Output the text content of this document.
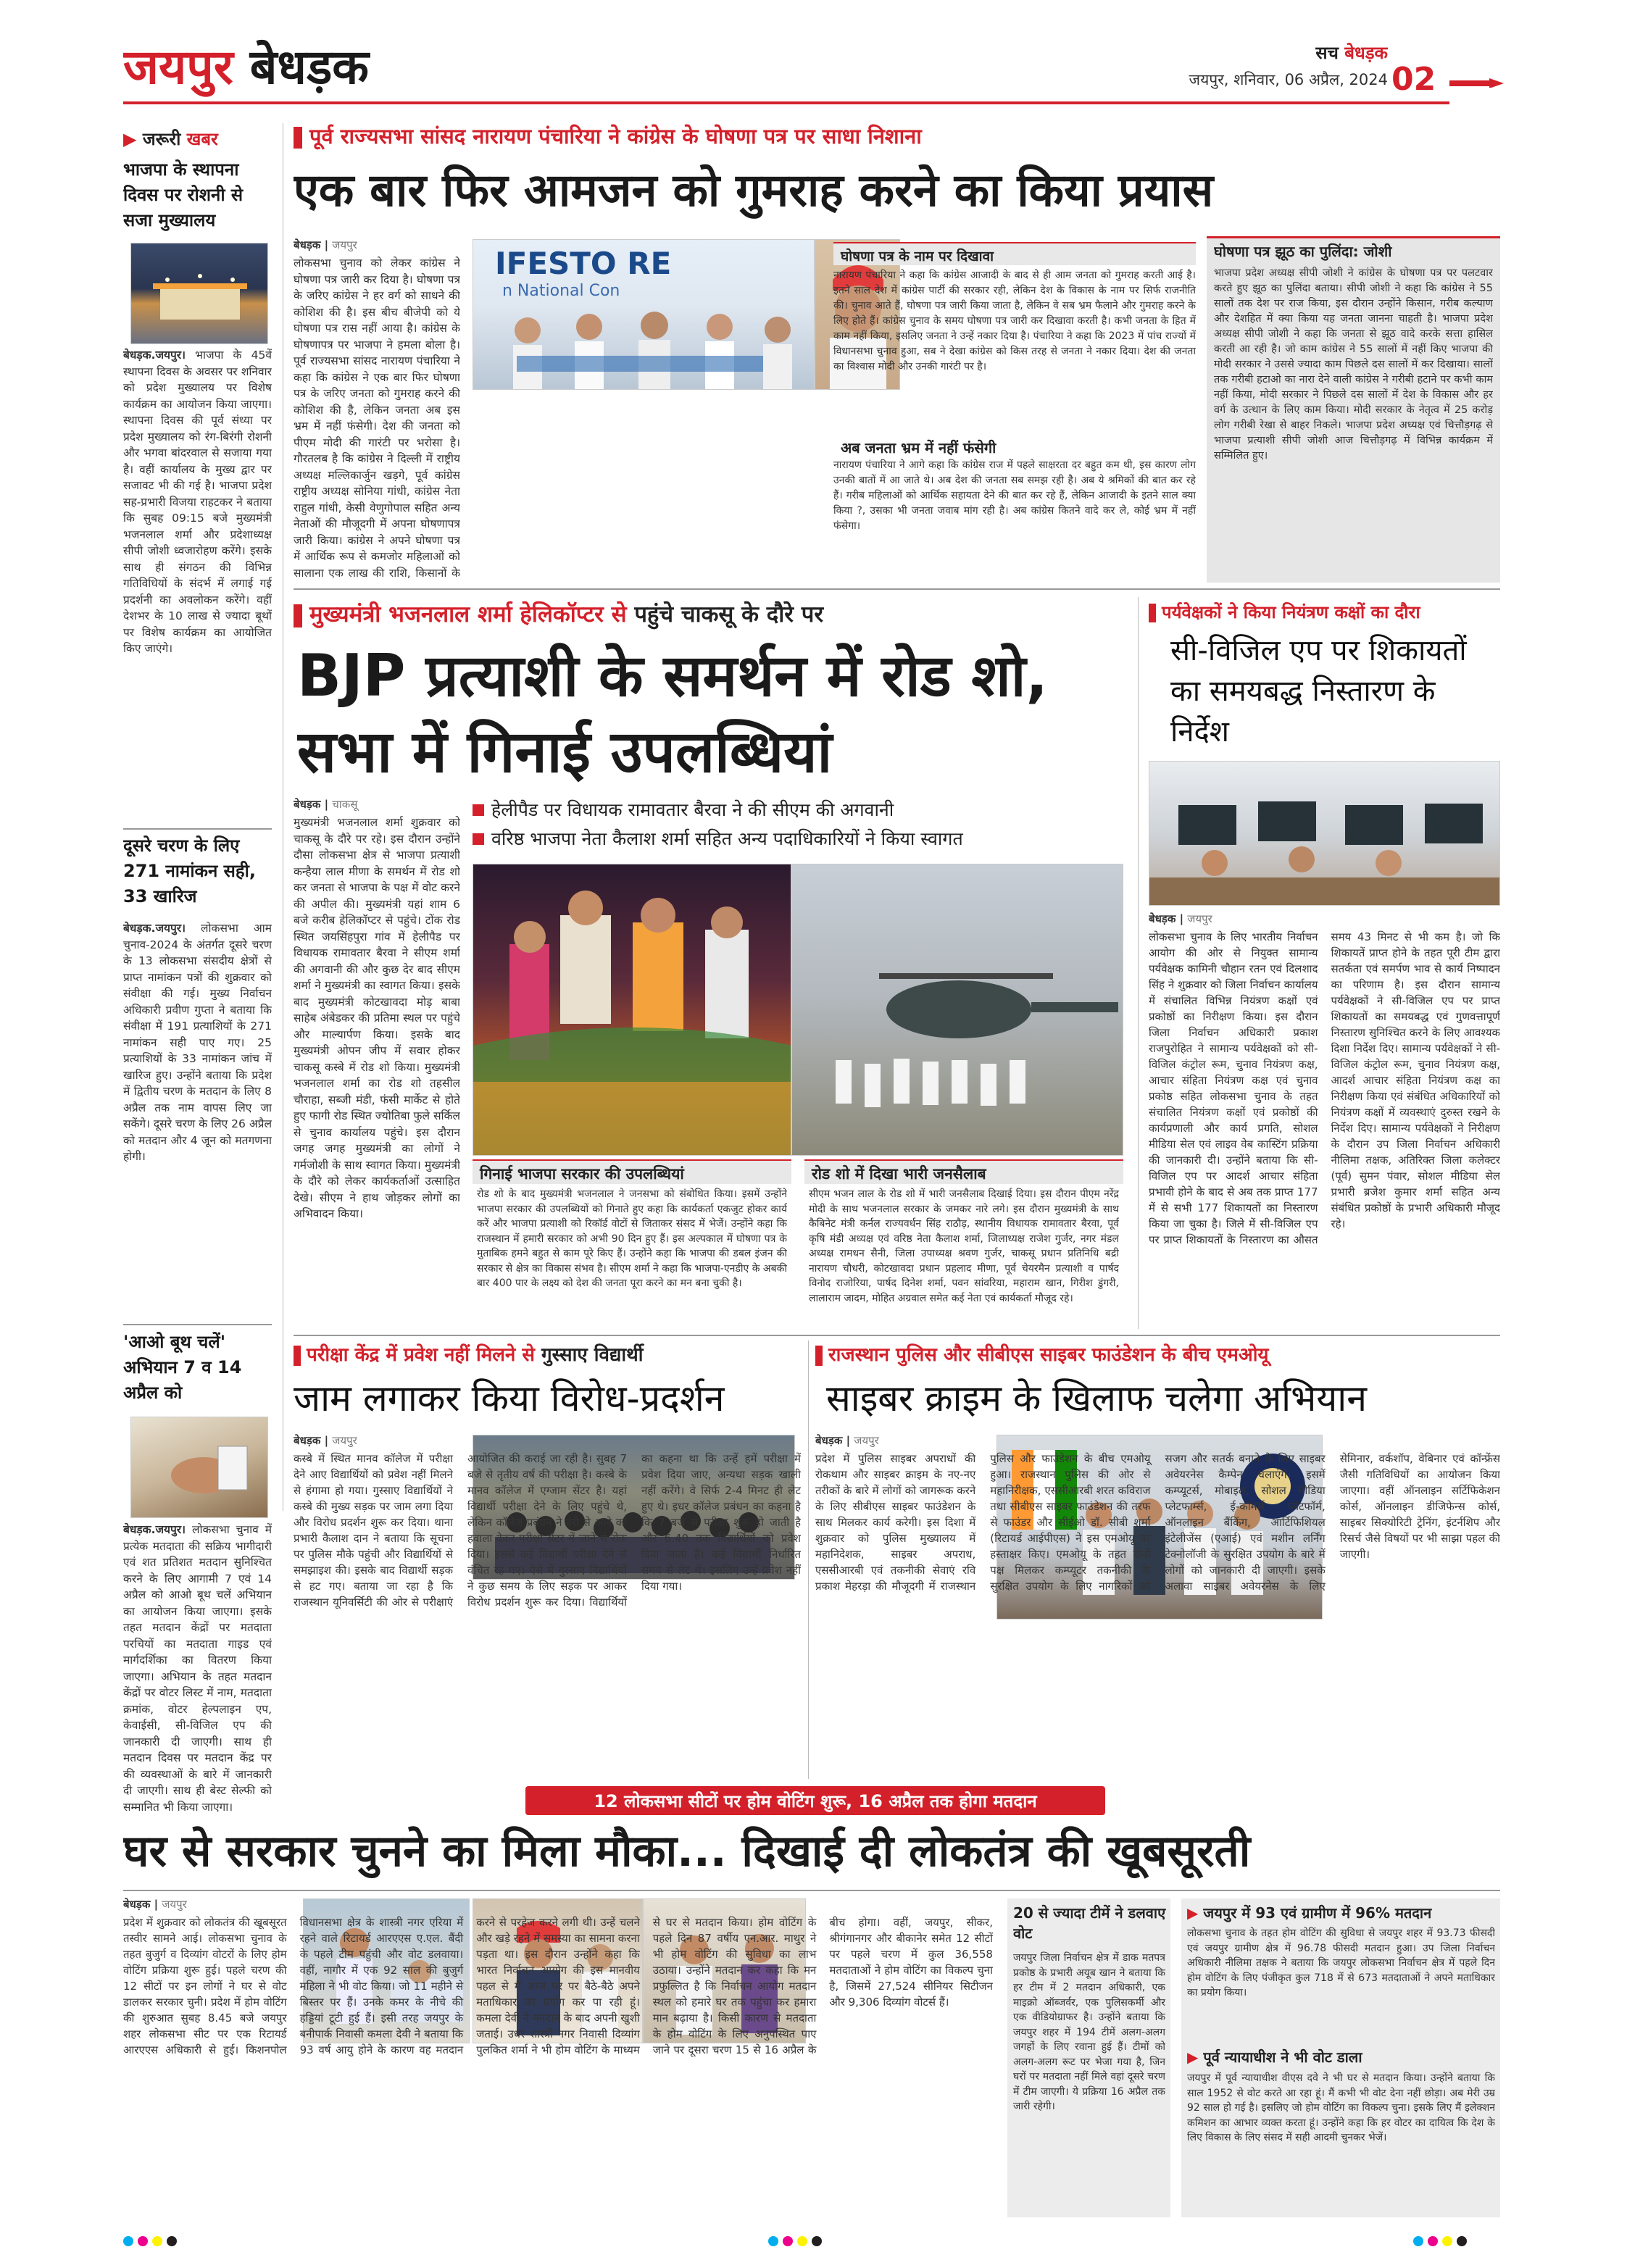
जयपुर बेधड़क	सच बेधड़क
जयपुर, शनिवार, 06 अप्रैल, 2024 02
▶ जरूरी खबर
भाजपा के स्थापना दिवस पर रोशनी से सजा मुख्यालय
बेधड़क.जयपुर। भाजपा के 45वें स्थापना दिवस के अवसर पर शनिवार को प्रदेश मुख्यालय पर विशेष कार्यक्रम का आयोजन किया जाएगा। स्थापना दिवस की पूर्व संध्या पर प्रदेश मुख्यालय को रंग-बिरंगी रोशनी और भगवा बांदरवाल से सजाया गया है। वहीं कार्यालय के मुख्य द्वार पर सजावट भी की गई है। भाजपा प्रदेश सह-प्रभारी विजया राहटकर ने बताया कि सुबह 09:15 बजे मुख्यमंत्री भजनलाल शर्मा और प्रदेशाध्यक्ष सीपी जोशी ध्वजारोहण करेंगे। इसके साथ ही संगठन की विभिन्न गतिविधियों के संदर्भ में लगाई गई प्रदर्शनी का अवलोकन करेंगे। वहीं देशभर के 10 लाख से ज्यादा बूथों पर विशेष कार्यक्रम का आयोजित किए जाएंगे।
दूसरे चरण के लिए 271 नामांकन सही, 33 खारिज
बेधड़क.जयपुर। लोकसभा आम चुनाव-2024 के अंतर्गत दूसरे चरण के 13 लोकसभा संसदीय क्षेत्रों से प्राप्त नामांकन पत्रों की शुक्रवार को संवीक्षा की गई। मुख्य निर्वाचन अधिकारी प्रवीण गुप्ता ने बताया कि संवीक्षा में 191 प्रत्याशियों के 271 नामांकन सही पाए गए। 25 प्रत्याशियों के 33 नामांकन जांच में खारिज हुए। उन्होंने बताया कि प्रदेश में द्वितीय चरण के मतदान के लिए 8 अप्रैल तक नाम वापस लिए जा सकेंगे। दूसरे चरण के लिए 26 अप्रैल को मतदान और 4 जून को मतगणना होगी।
'आओ बूथ चलें' अभियान 7 व 14 अप्रैल को
बेधड़क.जयपुर। लोकसभा चुनाव में प्रत्येक मतदाता की सक्रिय भागीदारी एवं शत प्रतिशत मतदान सुनिश्चित करने के लिए आगामी 7 एवं 14 अप्रैल को आओ बूथ चलें अभियान का आयोजन किया जाएगा। इसके तहत मतदान केंद्रों पर मतदाता परचियों का मतदाता गाइड एवं मार्गदर्शिका का वितरण किया जाएगा। अभियान के तहत मतदान केंद्रों पर वोटर लिस्ट में नाम, मतदाता क्रमांक, वोटर हेल्पलाइन एप, केवाईसी, सी-विजिल एप की जानकारी दी जाएगी। साथ ही मतदान दिवस पर मतदान केंद्र पर की व्यवस्थाओं के बारे में जानकारी दी जाएगी। साथ ही बेस्ट सेल्फी को सम्मानित भी किया जाएगा।
पूर्व राज्यसभा सांसद नारायण पंचारिया ने कांग्रेस के घोषणा पत्र पर साधा निशाना
एक बार फिर आमजन को गुमराह करने का किया प्रयास
बेधड़क | जयपुर
लोकसभा चुनाव को लेकर कांग्रेस ने घोषणा पत्र जारी कर दिया है। घोषणा पत्र के जरिए कांग्रेस ने हर वर्ग को साधने की कोशिश की है। इस बीच बीजेपी को ये घोषणा पत्र रास नहीं आया है। कांग्रेस के घोषणापत्र पर भाजपा ने हमला बोला है। पूर्व राज्यसभा सांसद नारायण पंचारिया ने कहा कि कांग्रेस ने एक बार फिर घोषणा पत्र के जरिए जनता को गुमराह करने की कोशिश की है, लेकिन जनता अब इस भ्रम में नहीं फंसेगी। देश की जनता को पीएम मोदी की गारंटी पर भरोसा है। गौरतलब है कि कांग्रेस ने दिल्ली में राष्ट्रीय अध्यक्ष मल्लिकार्जुन खड़गे, पूर्व कांग्रेस राष्ट्रीय अध्यक्ष सोनिया गांधी, कांग्रेस नेता राहुल गांधी, केसी वेणुगोपाल सहित अन्य नेताओं की मौजूदगी में अपना घोषणापत्र जारी किया। कांग्रेस ने अपने घोषणा पत्र में आर्थिक रूप से कमजोर महिलाओं को सालाना एक लाख की राशि, किसानों के
IFESTO RE
n National Con
घोषणा पत्र के नाम पर दिखावा
नारायण पंचारिया ने कहा कि कांग्रेस आजादी के बाद से ही आम जनता को गुमराह करती आई है। इतने साल देश में कांग्रेस पार्टी की सरकार रही, लेकिन देश के विकास के नाम पर सिर्फ राजनीति की। चुनाव आते हैं, घोषणा पत्र जारी किया जाता है, लेकिन वे सब भ्रम फैलाने और गुमराह करने के लिए होते हैं। कांग्रेस चुनाव के समय घोषणा पत्र जारी कर दिखावा करती है। कभी जनता के हित में काम नहीं किया, इसलिए जनता ने उन्हें नकार दिया है। पंचारिया ने कहा कि 2023 में पांच राज्यों में विधानसभा चुनाव हुआ, सब ने देखा कांग्रेस को किस तरह से जनता ने नकार दिया। देश की जनता का विश्वास मोदी और उनकी गारंटी पर है।
अब जनता भ्रम में नहीं फंसेगी
नारायण पंचारिया ने आगे कहा कि कांग्रेस राज में पहले साक्षरता दर बहुत कम थी, इस कारण लोग उनकी बातों में आ जाते थे। अब देश की जनता सब समझ रही है। अब ये श्रमिकों की बात कर रहे हैं। गरीब महिलाओं को आर्थिक सहायता देने की बात कर रहे हैं, लेकिन आजादी के इतने साल क्या किया ?, उसका भी जनता जवाब मांग रही है। अब कांग्रेस कितने वादे कर ले, कोई भ्रम में नहीं फंसेगा।
घोषणा पत्र झूठ का पुलिंदा: जोशी
भाजपा प्रदेश अध्यक्ष सीपी जोशी ने कांग्रेस के घोषणा पत्र पर पलटवार करते हुए झूठ का पुलिंदा बताया। सीपी जोशी ने कहा कि कांग्रेस ने 55 सालों तक देश पर राज किया, इस दौरान उन्होंने किसान, गरीब कल्याण और देशहित में क्या किया यह जनता जानना चाहती है। भाजपा प्रदेश अध्यक्ष सीपी जोशी ने कहा कि जनता से झूठ वादे करके सत्ता हासिल करती आ रही है। जो काम कांग्रेस ने 55 सालों में नहीं किए भाजपा की मोदी सरकार ने उससे ज्यादा काम पिछले दस सालों में कर दिखाया। सालों तक गरीबी हटाओ का नारा देने वाली कांग्रेस ने गरीबी हटाने पर कभी काम नहीं किया, मोदी सरकार ने पिछले दस सालों में देश के विकास और हर वर्ग के उत्थान के लिए काम किया। मोदी सरकार के नेतृत्व में 25 करोड़ लोग गरीबी रेखा से बाहर निकले। भाजपा प्रदेश अध्यक्ष एवं चित्तौड़गढ़ से भाजपा प्रत्याशी सीपी जोशी आज चित्तौड़गढ़ में विभिन्न कार्यक्रम में सम्मिलित हुए।
मुख्यमंत्री भजनलाल शर्मा हेलिकॉप्टर से पहुंचे चाकसू के दौरे पर
BJP प्रत्याशी के समर्थन में रोड शो, सभा में गिनाई उपलब्धियां
बेधड़क | चाकसू
मुख्यमंत्री भजनलाल शर्मा शुक्रवार को चाकसू के दौरे पर रहे। इस दौरान उन्होंने दौसा लोकसभा क्षेत्र से भाजपा प्रत्याशी कन्हैया लाल मीणा के समर्थन में रोड शो कर जनता से भाजपा के पक्ष में वोट करने की अपील की। मुख्यमंत्री यहां शाम 6 बजे करीब हेलिकॉप्टर से पहुंचे। टोंक रोड स्थित जयसिंहपुरा गांव में हेलीपैड पर विधायक रामावतार बैरवा ने सीएम शर्मा की अगवानी की और कुछ देर बाद सीएम शर्मा ने मुख्यमंत्री का स्वागत किया। इसके बाद मुख्यमंत्री कोटखावदा मोड़ बाबा साहेब अंबेडकर की प्रतिमा स्थल पर पहुंचे और माल्यार्पण किया। इसके बाद मुख्यमंत्री ओपन जीप में सवार होकर चाकसू कस्बे में रोड शो किया। मुख्यमंत्री भजनलाल शर्मा का रोड शो तहसील चौराहा, सब्जी मंडी, फंसी मार्केट से होते हुए फागी रोड स्थित ज्योतिबा फुले सर्किल से चुनाव कार्यालय पहुंचे। इस दौरान जगह जगह मुख्यमंत्री का लोगों ने गर्मजोशी के साथ स्वागत किया। मुख्यमंत्री के दौरे को लेकर कार्यकर्ताओं उत्साहित देखे। सीएम ने हाथ जोड़कर लोगों का अभिवादन किया।
हेलीपैड पर विधायक रामावतार बैरवा ने की सीएम की अगवानी
वरिष्ठ भाजपा नेता कैलाश शर्मा सहित अन्य पदाधिकारियों ने किया स्वागत
गिनाई भाजपा सरकार की उपलब्धियां
रोड शो के बाद मुख्यमंत्री भजनलाल ने जनसभा को संबोधित किया। इसमें उन्होंने भाजपा सरकार की उपलब्धियों को गिनाते हुए कहा कि कार्यकर्ता एकजुट होकर कार्य करें और भाजपा प्रत्याशी को रिकॉर्ड वोटों से जिताकर संसद में भेजें। उन्होंने कहा कि राजस्थान में हमारी सरकार को अभी 90 दिन हुए हैं। इस अल्पकाल में घोषणा पत्र के मुताबिक हमने बहुत से काम पूरे किए हैं। उन्होंने कहा कि भाजपा की डबल इंजन की सरकार से क्षेत्र का विकास संभव है। सीएम शर्मा ने कहा कि भाजपा-एनडीए के अबकी बार 400 पार के लक्ष्य को देश की जनता पूरा करने का मन बना चुकी है।
रोड शो में दिखा भारी जनसैलाब
सीएम भजन लाल के रोड शो में भारी जनसैलाब दिखाई दिया। इस दौरान पीएम नरेंद्र मोदी के साथ भजनलाल सरकार के जमकर नारे लगे। इस दौरान मुख्यमंत्री के साथ कैबिनेट मंत्री कर्नल राज्यवर्धन सिंह राठौड़, स्थानीय विधायक रामावतार बैरवा, पूर्व कृषि मंडी अध्यक्ष एवं वरिष्ठ नेता कैलाश शर्मा, जिलाध्यक्ष राजेश गुर्जर, नगर मंडल अध्यक्ष रामधन सैनी, जिला उपाध्यक्ष श्रवण गुर्जर, चाकसू प्रधान प्रतिनिधि बद्री नारायण चौधरी, कोटखावदा प्रधान प्रहलाद मीणा, पूर्व चेयरमैन प्रत्याशी व पार्षद विनोद राजोरिया, पार्षद दिनेश शर्मा, पवन सांवरिया, महाराम खान, गिरीश डुंगरी, लालाराम जादम, मोहित अग्रवाल समेत कई नेता एवं कार्यकर्ता मौजूद रहे।
पर्यवेक्षकों ने किया नियंत्रण कक्षों का दौरा
सी-विजिल एप पर शिकायतों का समयबद्ध निस्तारण के निर्देश
बेधड़क | जयपुर
लोकसभा चुनाव के लिए भारतीय निर्वाचन आयोग की ओर से नियुक्त सामान्य पर्यवेक्षक कामिनी चौहान रतन एवं दिलशाद सिंह ने शुक्रवार को जिला निर्वाचन कार्यालय में संचालित विभिन्न नियंत्रण कक्षों एवं प्रकोष्ठों का निरीक्षण किया। इस दौरान जिला निर्वाचन अधिकारी प्रकाश राजपुरोहित ने सामान्य पर्यवेक्षकों को सी-विजिल कंट्रोल रूम, चुनाव नियंत्रण कक्ष, आचार संहिता नियंत्रण कक्ष एवं चुनाव प्रकोष्ठ सहित लोकसभा चुनाव के तहत संचालित नियंत्रण कक्षों एवं प्रकोष्ठों की कार्यप्रणाली और कार्य प्रगति, सोशल मीडिया सेल एवं लाइव वेब कास्टिंग प्रक्रिया की जानकारी दी। उन्होंने बताया कि सी-विजिल एप पर आदर्श आचार संहिता प्रभावी होने के बाद से अब तक प्राप्त 177 में से सभी 177 शिकायतों का निस्तारण किया जा चुका है। जिले में सी-विजिल एप पर प्राप्त शिकायतों के निस्तारण का औसत समय 43 मिनट से भी कम है। जो कि शिकायतें प्राप्त होने के तहत पूरी टीम द्वारा सतर्कता एवं समर्पण भाव से कार्य निष्पादन का परिणाम है। इस दौरान सामान्य पर्यवेक्षकों ने सी-विजिल एप पर प्राप्त शिकायतों का समयबद्ध एवं गुणवत्तापूर्ण निस्तारण सुनिश्चित करने के लिए आवश्यक दिशा निर्देश दिए। सामान्य पर्यवेक्षकों ने सी-विजिल कंट्रोल रूम, चुनाव नियंत्रण कक्ष, आदर्श आचार संहिता नियंत्रण कक्ष का निरीक्षण किया एवं संबंधित अधिकारियों को नियंत्रण कक्षों में व्यवस्थाएं दुरुस्त रखने के निर्देश दिए। सामान्य पर्यवेक्षकों ने निरीक्षण के दौरान उप जिला निर्वाचन अधिकारी नीलिमा तक्षक, अतिरिक्त जिला कलेक्टर (पूर्व) सुमन पंवार, सोशल मीडिया सेल प्रभारी ब्रजेश कुमार शर्मा सहित अन्य संबंधित प्रकोष्ठों के प्रभारी अधिकारी मौजूद रहे।
परीक्षा केंद्र में प्रवेश नहीं मिलने से गुस्साए विद्यार्थी
जाम लगाकर किया विरोध-प्रदर्शन
बेधड़क | जयपुर
कस्बे में स्थित मानव कॉलेज में परीक्षा देने आए विद्यार्थियों को प्रवेश नहीं मिलने से हंगामा हो गया। गुस्साए विद्यार्थियों ने कस्बे की मुख्य सड़क पर जाम लगा दिया और विरोध प्रदर्शन शुरू कर दिया। थाना प्रभारी कैलाश दान ने बताया कि सूचना पर पुलिस मौके पहुंची और विद्यार्थियों से समझाइश की। इसके बाद विद्यार्थी सड़क से हट गए। बताया जा रहा है कि राजस्थान यूनिवर्सिटी की ओर से परीक्षाएं आयोजित की कराई जा रही है। सुबह 7 बजे से तृतीय वर्ष की परीक्षा है। कस्बे के मानव कॉलेज में एग्जाम सेंटर है। यहां विद्यार्थी परीक्षा देने के लिए पहुंचे थे, लेकिन कॉलेज प्रबंधन ने देरी से आने का हवाला देकर परीक्षा सेंटर में जाने से रोक दिया। इससे कई विद्यार्थी परीक्षा देने से वंचित रह गए। ऐसे में गुस्साए विद्यार्थियों ने कुछ समय के लिए सड़क पर आकर विरोध प्रदर्शन शुरू कर दिया। विद्यार्थियों का कहना था कि उन्हें हमें परीक्षा में प्रवेश दिया जाए, अन्यथा सड़क खाली नहीं करेंगे। वे सिर्फ 2-4 मिनट ही लेट हुए थे। इधर कॉलेज प्रबंधन का कहना है कि 7 बजे से परीक्षा शुरू हो जाती है और 6.40 तक विद्यार्थियों को प्रवेश दिया जाता है। कई विद्यार्थी निर्धारित समय से लेट थे। इसलिए उन्हें प्रवेश नहीं दिया गया।
राजस्थान पुलिस और सीबीएस साइबर फाउंडेशन के बीच एमओयू
साइबर क्राइम के खिलाफ चलेगा अभियान
बेधड़क | जयपुर
प्रदेश में पुलिस साइबर अपराधों की रोकथाम और साइबर क्राइम के नए-नए तरीकों के बारे में लोगों को जागरूक करने के लिए सीबीएस साइबर फाउंडेशन के साथ मिलकर कार्य करेगी। इस दिशा में शुक्रवार को पुलिस मुख्यालय में महानिदेशक, साइबर अपराध, एससीआरबी एवं तकनीकी सेवाएं रवि प्रकाश मेहरड़ा की मौजूदगी में राजस्थान पुलिस और फाउंडेशन के बीच एमओयू हुआ। राजस्थान पुलिस की ओर से महानिरीक्षक, एससीआरबी शरत कविराज तथा सीबीएस साइबर फाउंडेशन की तरफ से फाउंडर और सीईओ डॉ. सीबी शर्मा (रिटायर्ड आईपीएस) ने इस एमओयू पर हस्ताक्षर किए। एमओयू के तहत दोनों पक्ष मिलकर कम्प्यूटर तकनीकी के सुरक्षित उपयोग के लिए नागरिकों को सजग और सतर्क बनाने के लिए साइबर अवेयरनेस कैम्पेन चलाएंगे। इसमें कम्प्यूटर्स, मोबाइल, सोशल मीडिया प्लेटफार्म्स, ई-कॉमर्स प्लेटफॉर्म, ऑनलाइन बैंकिंग, आर्टिफिशियल इंटेलीजेंस (एआई) एवं मशीन लर्निंग टेक्नोलॉजी के सुरक्षित उपयोग के बारे में लोगों को जानकारी दी जाएगी। इसके अलावा साइबर अवेयरनेस के लिए सेमिनार, वर्कशॉप, वेबिनार एवं कॉन्फ्रेंस जैसी गतिविधियों का आयोजन किया जाएगा। वहीं ऑनलाइन सर्टिफिकेशन कोर्स, ऑनलाइन डीजिफेन्स कोर्स, साइबर सिक्योरिटी ट्रेनिंग, इंटर्नशिप और रिसर्च जैसे विषयों पर भी साझा पहल की जाएगी।
12 लोकसभा सीटों पर होम वोटिंग शुरू, 16 अप्रैल तक होगा मतदान
घर से सरकार चुनने का मिला मौका... दिखाई दी लोकतंत्र की खूबसूरती
बेधड़क | जयपुर
प्रदेश में शुक्रवार को लोकतंत्र की खूबसूरत तस्वीर सामने आई। लोकसभा चुनाव के तहत बुजुर्ग व दिव्यांग वोटरों के लिए होम वोटिंग प्रक्रिया शुरू हुई। पहले चरण की 12 सीटों पर इन लोगों ने घर से वोट डालकर सरकार चुनी। प्रदेश में होम वोटिंग की शुरुआत सुबह 8.45 बजे जयपुर शहर लोकसभा सीट पर एक रिटायर्ड आरएएस अधिकारी से हुई। किशनपोल विधानसभा क्षेत्र के शास्त्री नगर एरिया में रहने वाले रिटायर्ड आरएएस ए.एल. बैंदी के पहले टीम पहुंची और वोट डलवाया। वहीं, नागौर में एक 92 साल की बुजुर्ग महिला ने भी वोट किया। जो 11 महीने से बिस्तर पर हैं। उनके कमर के नीचे की हड्डियां टूटी हुई हैं। इसी तरह जयपुर के बनीपार्क निवासी कमला देवी ने बताया कि 93 वर्ष आयु होने के कारण वह मतदान करने से परहेज करने लगी थी। उन्हें चलने और खड़े रहने में समस्या का सामना करना पड़ता था। इस दौरान उन्होंने कहा कि भारत निर्वाचन आयोग की इस मानवीय पहल से मैं आज घर पर बैठे-बैठे अपने मताधिकार का प्रयोग कर पा रही हूं। कमला देवी ने मतदान के बाद अपनी खुशी जताई। उधर शास्त्री नगर निवासी दिव्यांग पुलकित शर्मा ने भी होम वोटिंग के माध्यम से घर से मतदान किया। होम वोटिंग के पहले दिन 87 वर्षीय एन.आर. माथुर ने भी होम वोटिंग की सुविधा का लाभ उठाया। उन्होंने मतदान कर कहा कि मन प्रफुल्लित है कि निर्वाचन आयोग मतदान स्थल को हमारे घर तक पहुंचा कर हमारा मान बढ़ाया है। किसी कारण से मतदाता के होम वोटिंग के लिए अनुपस्थित पाए जाने पर दूसरा चरण 15 से 16 अप्रैल के बीच होगा। वहीं, जयपुर, सीकर, श्रीगंगानगर और बीकानेर समेत 12 सीटों पर पहले चरण में कुल 36,558 मतदाताओं ने होम वोटिंग का विकल्प चुना है, जिसमें 27,524 सीनियर सिटीजन और 9,306 दिव्यांग वोटर्स हैं।
20 से ज्यादा टीमें ने डलवाए वोट
जयपुर जिला निर्वाचन क्षेत्र में डाक मतपत्र प्रकोष्ठ के प्रभारी अयूब खान ने बताया कि हर टीम में 2 मतदान अधिकारी, एक माइक्रो ऑब्जर्वर, एक पुलिसकर्मी और एक वीडियोग्राफर है। उन्होंने बताया कि जयपुर शहर में 194 टीमें अलग-अलग जगहों के लिए रवाना हुई हैं। टीमों को अलग-अलग रूट पर भेजा गया है, जिन घरों पर मतदाता नहीं मिले वहां दूसरे चरण में टीम जाएगी। ये प्रक्रिया 16 अप्रैल तक जारी रहेगी।
▶ जयपुर में 93 एवं ग्रामीण में 96% मतदान
लोकसभा चुनाव के तहत होम वोटिंग की सुविधा से जयपुर शहर में 93.73 फीसदी एवं जयपुर ग्रामीण क्षेत्र में 96.78 फीसदी मतदान हुआ। उप जिला निर्वाचन अधिकारी नीलिमा तक्षक ने बताया कि जयपुर लोकसभा निर्वाचन क्षेत्र में पहले दिन होम वोटिंग के लिए पंजीकृत कुल 718 में से 673 मतदाताओं ने अपने मताधिकार का प्रयोग किया।
▶ पूर्व न्यायाधीश ने भी वोट डाला
जयपुर में पूर्व न्यायाधीश वीएस दवे ने भी घर से मतदान किया। उन्होंने बताया कि साल 1952 से वोट करते आ रहा हूं। मैं कभी भी वोट देना नहीं छोड़ा। अब मेरी उम्र 92 साल हो गई है। इसलिए जो होम वोटिंग का विकल्प चुना। इसके लिए मैं इलेक्शन कमिशन का आभार व्यक्त करता हूं। उन्होंने कहा कि हर वोटर का दायित्व कि देश के लिए विकास के लिए संसद में सही आदमी चुनकर भेजें।
